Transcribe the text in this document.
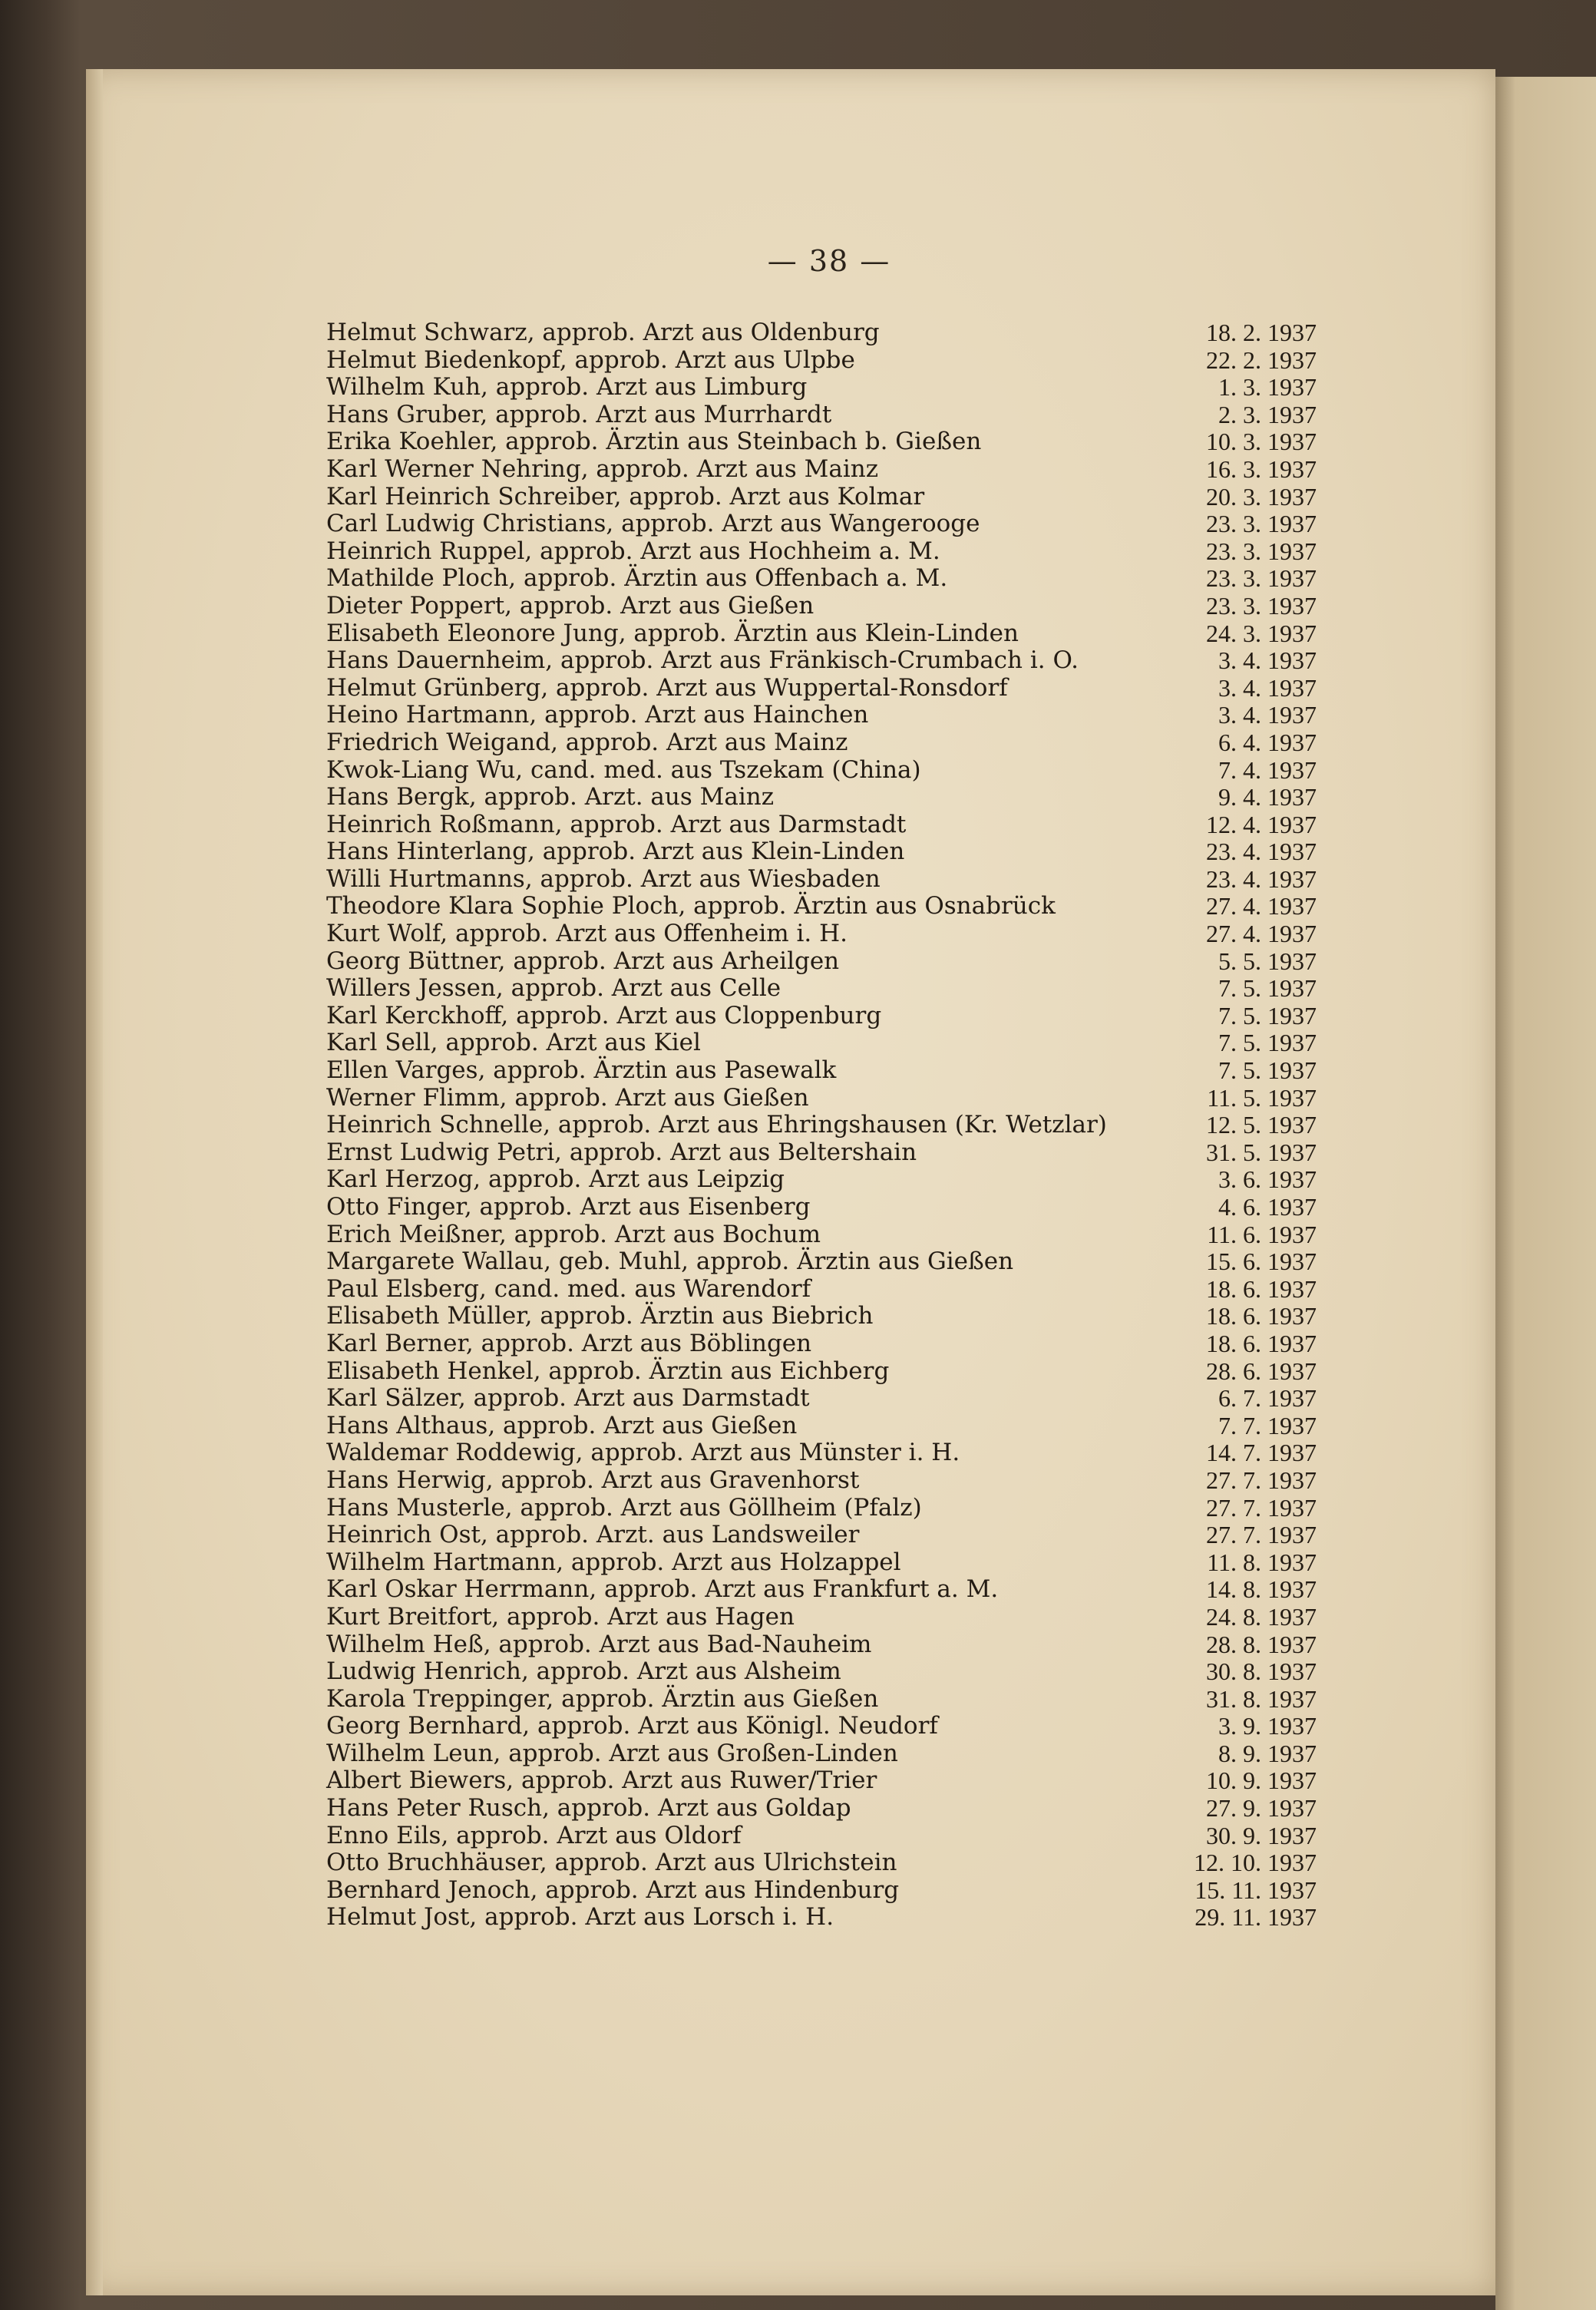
— 38 —
Helmut Schwarz, approb. Arzt aus Oldenburg	18. 2. 1937
Helmut Biedenkopf, approb. Arzt aus Ulpbe	22. 2. 1937
Wilhelm Kuh, approb. Arzt aus Limburg	1. 3. 1937
Hans Gruber, approb. Arzt aus Murrhardt	2. 3. 1937
Erika Koehler, approb. Ärztin aus Steinbach b. Gießen	10. 3. 1937
Karl Werner Nehring, approb. Arzt aus Mainz	16. 3. 1937
Karl Heinrich Schreiber, approb. Arzt aus Kolmar	20. 3. 1937
Carl Ludwig Christians, approb. Arzt aus Wangerooge	23. 3. 1937
Heinrich Ruppel, approb. Arzt aus Hochheim a. M.	23. 3. 1937
Mathilde Ploch, approb. Ärztin aus Offenbach a. M.	23. 3. 1937
Dieter Poppert, approb. Arzt aus Gießen	23. 3. 1937
Elisabeth Eleonore Jung, approb. Ärztin aus Klein-Linden	24. 3. 1937
Hans Dauernheim, approb. Arzt aus Fränkisch-Crumbach i. O.	3. 4. 1937
Helmut Grünberg, approb. Arzt aus Wuppertal-Ronsdorf	3. 4. 1937
Heino Hartmann, approb. Arzt aus Hainchen	3. 4. 1937
Friedrich Weigand, approb. Arzt aus Mainz	6. 4. 1937
Kwok-Liang Wu, cand. med. aus Tszekam (China)	7. 4. 1937
Hans Bergk, approb. Arzt. aus Mainz	9. 4. 1937
Heinrich Roßmann, approb. Arzt aus Darmstadt	12. 4. 1937
Hans Hinterlang, approb. Arzt aus Klein-Linden	23. 4. 1937
Willi Hurtmanns, approb. Arzt aus Wiesbaden	23. 4. 1937
Theodore Klara Sophie Ploch, approb. Ärztin aus Osnabrück	27. 4. 1937
Kurt Wolf, approb. Arzt aus Offenheim i. H.	27. 4. 1937
Georg Büttner, approb. Arzt aus Arheilgen	5. 5. 1937
Willers Jessen, approb. Arzt aus Celle	7. 5. 1937
Karl Kerckhoff, approb. Arzt aus Cloppenburg	7. 5. 1937
Karl Sell, approb. Arzt aus Kiel	7. 5. 1937
Ellen Varges, approb. Ärztin aus Pasewalk	7. 5. 1937
Werner Flimm, approb. Arzt aus Gießen	11. 5. 1937
Heinrich Schnelle, approb. Arzt aus Ehringshausen (Kr. Wetzlar)	12. 5. 1937
Ernst Ludwig Petri, approb. Arzt aus Beltershain	31. 5. 1937
Karl Herzog, approb. Arzt aus Leipzig	3. 6. 1937
Otto Finger, approb. Arzt aus Eisenberg	4. 6. 1937
Erich Meißner, approb. Arzt aus Bochum	11. 6. 1937
Margarete Wallau, geb. Muhl, approb. Ärztin aus Gießen	15. 6. 1937
Paul Elsberg, cand. med. aus Warendorf	18. 6. 1937
Elisabeth Müller, approb. Ärztin aus Biebrich	18. 6. 1937
Karl Berner, approb. Arzt aus Böblingen	18. 6. 1937
Elisabeth Henkel, approb. Ärztin aus Eichberg	28. 6. 1937
Karl Sälzer, approb. Arzt aus Darmstadt	6. 7. 1937
Hans Althaus, approb. Arzt aus Gießen	7. 7. 1937
Waldemar Roddewig, approb. Arzt aus Münster i. H.	14. 7. 1937
Hans Herwig, approb. Arzt aus Gravenhorst	27. 7. 1937
Hans Musterle, approb. Arzt aus Göllheim (Pfalz)	27. 7. 1937
Heinrich Ost, approb. Arzt. aus Landsweiler	27. 7. 1937
Wilhelm Hartmann, approb. Arzt aus Holzappel	11. 8. 1937
Karl Oskar Herrmann, approb. Arzt aus Frankfurt a. M.	14. 8. 1937
Kurt Breitfort, approb. Arzt aus Hagen	24. 8. 1937
Wilhelm Heß, approb. Arzt aus Bad-Nauheim	28. 8. 1937
Ludwig Henrich, approb. Arzt aus Alsheim	30. 8. 1937
Karola Treppinger, approb. Ärztin aus Gießen	31. 8. 1937
Georg Bernhard, approb. Arzt aus Königl. Neudorf	3. 9. 1937
Wilhelm Leun, approb. Arzt aus Großen-Linden	8. 9. 1937
Albert Biewers, approb. Arzt aus Ruwer/Trier	10. 9. 1937
Hans Peter Rusch, approb. Arzt aus Goldap	27. 9. 1937
Enno Eils, approb. Arzt aus Oldorf	30. 9. 1937
Otto Bruchhäuser, approb. Arzt aus Ulrichstein	12. 10. 1937
Bernhard Jenoch, approb. Arzt aus Hindenburg	15. 11. 1937
Helmut Jost, approb. Arzt aus Lorsch i. H.	29. 11. 1937
